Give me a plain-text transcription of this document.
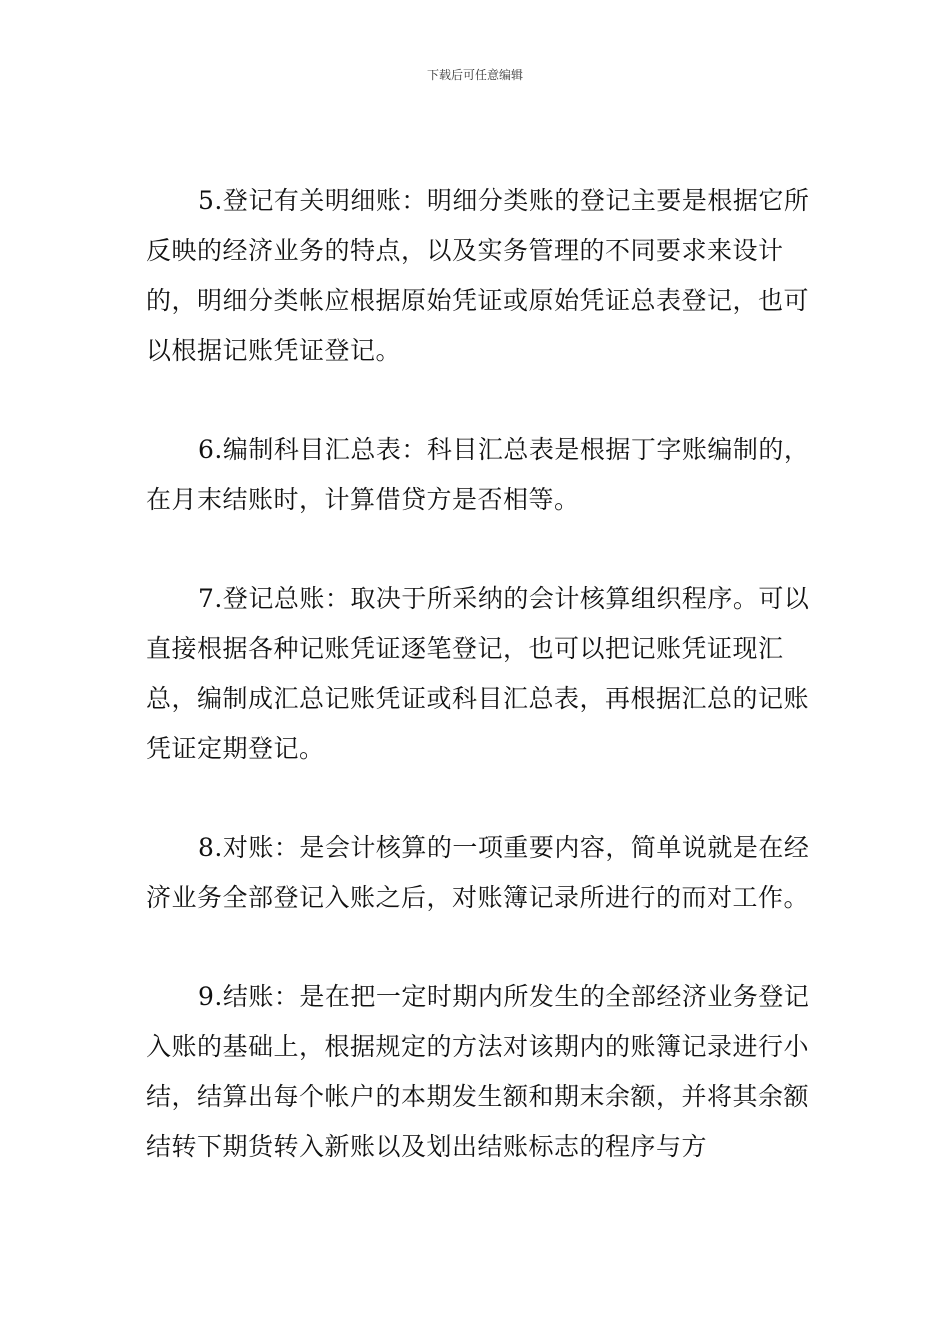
下载后可任意编辑

5.登记有关明细账：明细分类账的登记主要是根据它所反映的经济业务的特点，以及实务管理的不同要求来设计的，明细分类帐应根据原始凭证或原始凭证总表登记，也可以根据记账凭证登记。

6.编制科目汇总表：科目汇总表是根据丁字账编制的，在月末结账时，计算借贷方是否相等。

7.登记总账：取决于所采纳的会计核算组织程序。可以直接根据各种记账凭证逐笔登记，也可以把记账凭证现汇总，编制成汇总记账凭证或科目汇总表，再根据汇总的记账凭证定期登记。

8.对账：是会计核算的一项重要内容，简单说就是在经济业务全部登记入账之后，对账簿记录所进行的而对工作。

9.结账：是在把一定时期内所发生的全部经济业务登记入账的基础上，根据规定的方法对该期内的账簿记录进行小结，结算出每个帐户的本期发生额和期末余额，并将其余额结转下期货转入新账以及划出结账标志的程序与方
